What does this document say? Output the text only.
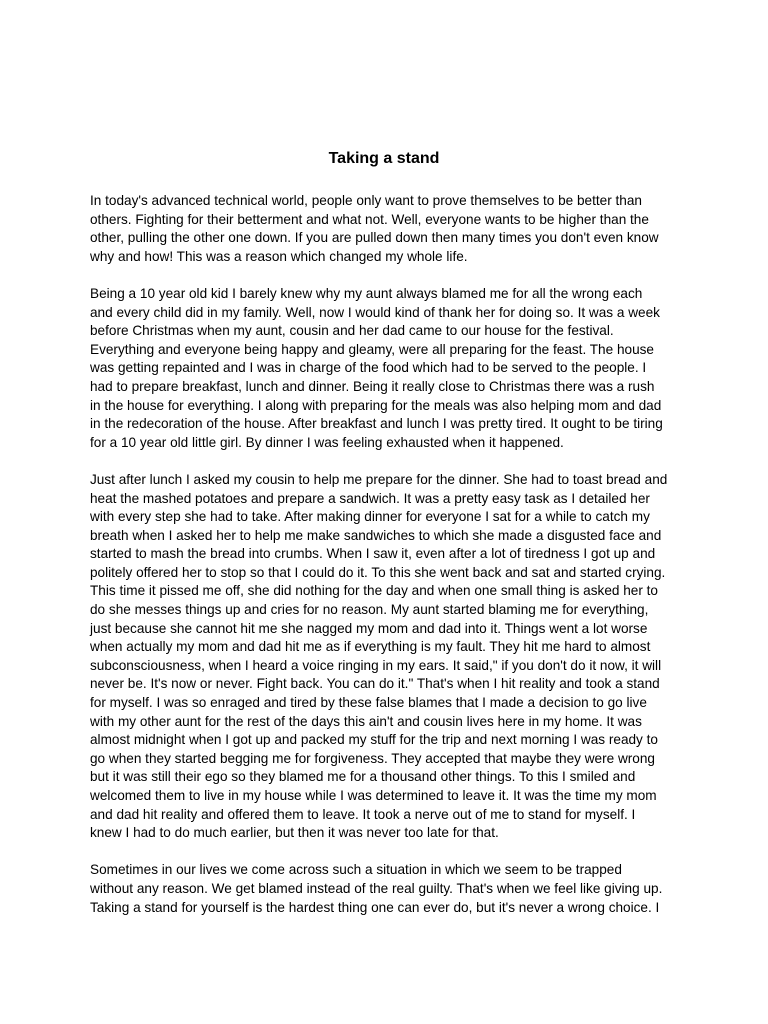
Taking a stand

In today's advanced technical world, people only want to prove themselves to be better than
others. Fighting for their betterment and what not. Well, everyone wants to be higher than the
other, pulling the other one down. If you are pulled down then many times you don't even know
why and how! This was a reason which changed my whole life.

Being a 10 year old kid I barely knew why my aunt always blamed me for all the wrong each
and every child did in my family. Well, now I would kind of thank her for doing so. It was a week
before Christmas when my aunt, cousin and her dad came to our house for the festival.
Everything and everyone being happy and gleamy, were all preparing for the feast. The house
was getting repainted and I was in charge of the food which had to be served to the people. I
had to prepare breakfast, lunch and dinner. Being it really close to Christmas there was a rush
in the house for everything. I along with preparing for the meals was also helping mom and dad
in the redecoration of the house. After breakfast and lunch I was pretty tired. It ought to be tiring
for a 10 year old little girl. By dinner I was feeling exhausted when it happened.

Just after lunch I asked my cousin to help me prepare for the dinner. She had to toast bread and
heat the mashed potatoes and prepare a sandwich. It was a pretty easy task as I detailed her
with every step she had to take. After making dinner for everyone I sat for a while to catch my
breath when I asked her to help me make sandwiches to which she made a disgusted face and
started to mash the bread into crumbs. When I saw it, even after a lot of tiredness I got up and
politely offered her to stop so that I could do it. To this she went back and sat and started crying.
This time it pissed me off, she did nothing for the day and when one small thing is asked her to
do she messes things up and cries for no reason. My aunt started blaming me for everything,
just because she cannot hit me she nagged my mom and dad into it. Things went a lot worse
when actually my mom and dad hit me as if everything is my fault. They hit me hard to almost
subconsciousness, when I heard a voice ringing in my ears. It said," if you don't do it now, it will
never be. It's now or never. Fight back. You can do it." That's when I hit reality and took a stand
for myself. I was so enraged and tired by these false blames that I made a decision to go live
with my other aunt for the rest of the days this ain't and cousin lives here in my home. It was
almost midnight when I got up and packed my stuff for the trip and next morning I was ready to
go when they started begging me for forgiveness. They accepted that maybe they were wrong
but it was still their ego so they blamed me for a thousand other things. To this I smiled and
welcomed them to live in my house while I was determined to leave it. It was the time my mom
and dad hit reality and offered them to leave. It took a nerve out of me to stand for myself. I
knew I had to do much earlier, but then it was never too late for that.

Sometimes in our lives we come across such a situation in which we seem to be trapped
without any reason. We get blamed instead of the real guilty. That's when we feel like giving up.
Taking a stand for yourself is the hardest thing one can ever do, but it's never a wrong choice. I
